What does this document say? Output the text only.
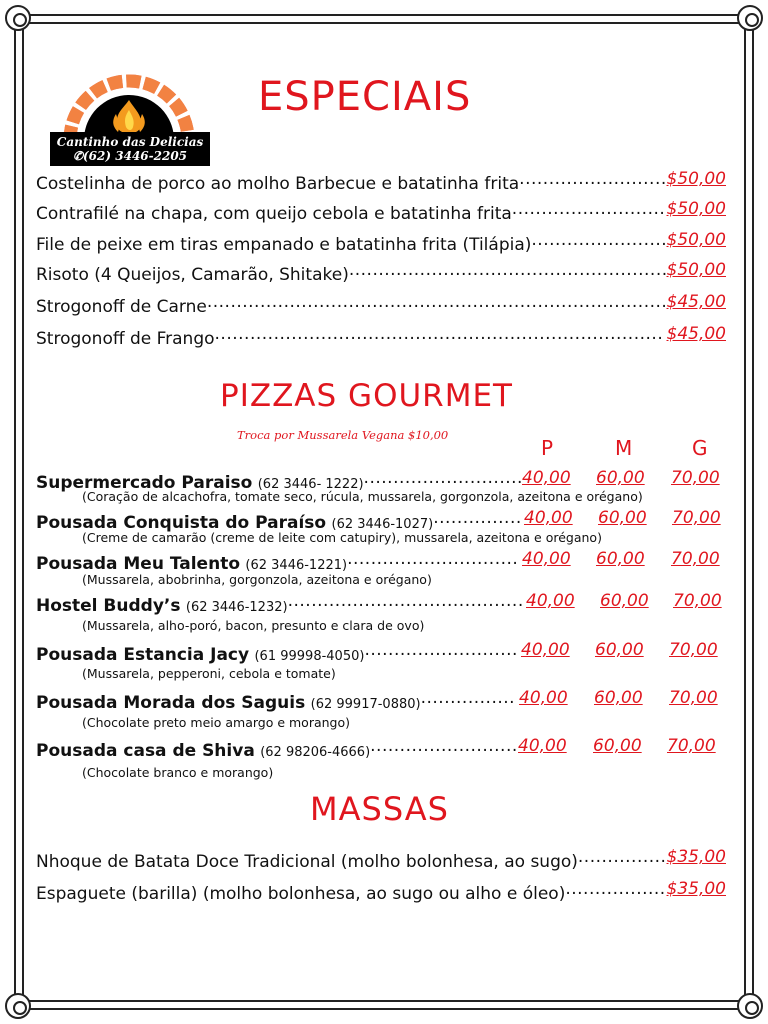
Cantinho das Delicias
✆(62) 3446-2205
ESPECIAIS
Costelinha de porco ao molho Barbecue e batatinha frita......................... $50,00
Contrafilé na chapa, com queijo cebola e batatinha frita.......................... $50,00
File de peixe em tiras empanado e batatinha frita (Tilápia)....................... $50,00
Risoto (4 Queijos, Camarão, Shitake)......................................................
$50,00
Strogonoff de Carne.............................................................................. $45,00
Strogonoff de Frango............................................................................ $45,00
PIZZAS GOURMET
Troca por Mussarela Vegana $10,00
P	M	G
Supermercado Paraiso (62 3446- 1222)........................... 40,00 60,00 70,00
(Coração de alcachofra, tomate seco, rúcula, mussarela, gorgonzola, azeitona e orégano)
Pousada Conquista do Paraíso (62 3446-1027)............... 40,00 60,00 70,00
(Creme de camarão (creme de leite com catupiry), mussarela, azeitona e orégano)
Pousada Meu Talento (62 3446-1221)............................. 40,00 60,00 70,00
(Mussarela, abobrinha, gorgonzola, azeitona e orégano)
Hostel Buddy’s (62 3446-1232)........................................ 40,00 60,00 70,00
(Mussarela, alho-poró, bacon, presunto e clara de ovo)
Pousada Estancia Jacy (61 99998-4050).......................... 40,00 60,00 70,00
(Mussarela, pepperoni, cebola e tomate)
Pousada Morada dos Saguis (62 99917-0880)................ 40,00 60,00 70,00
(Chocolate preto meio amargo e morango)
Pousada casa de Shiva (62 98206-4666)......................... 40,00 60,00 70,00
(Chocolate branco e morango)
MASSAS
Nhoque de Batata Doce Tradicional (molho bolonhesa, ao sugo)............... $35,00
Espaguete (barilla) (molho bolonhesa, ao sugo ou alho e óleo)................. $35,00
